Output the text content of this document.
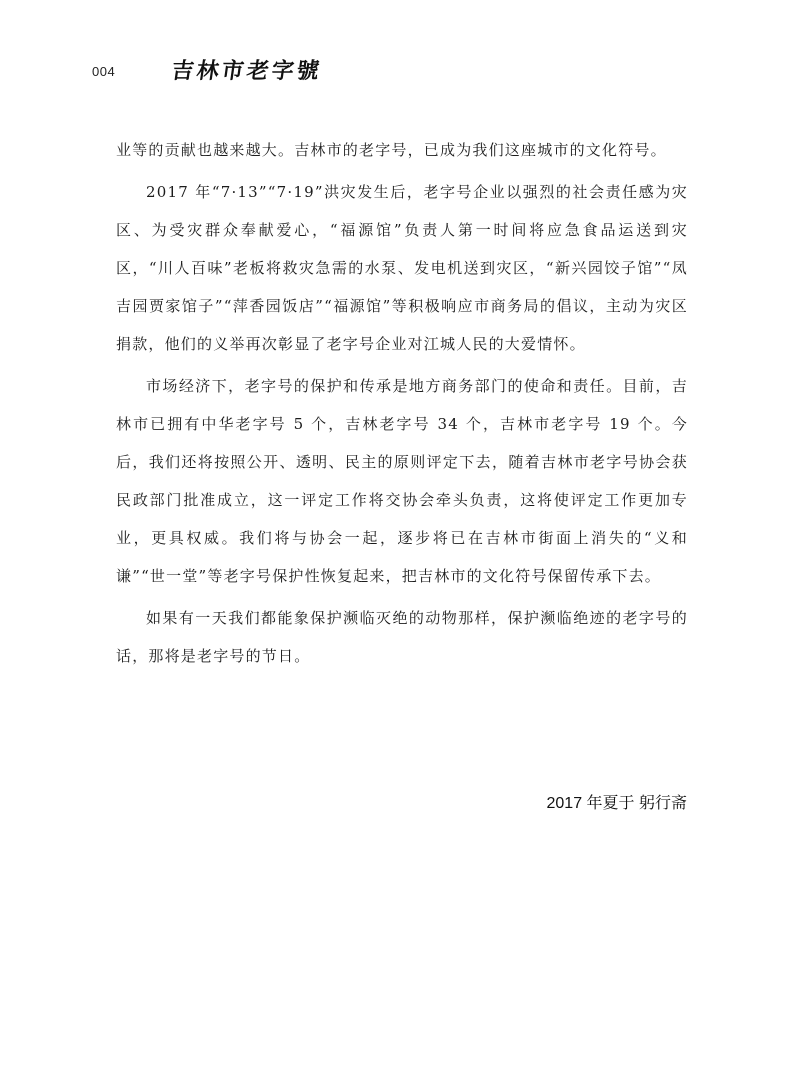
004 吉林市老字號

业等的贡献也越来越大。吉林市的老字号，已成为我们这座城市的文化符号。

2017 年“7·13”“7·19”洪灾发生后，老字号企业以强烈的社会责任感为灾区、为受灾群众奉献爱心，“福源馆”负责人第一时间将应急食品运送到灾区，“川人百味”老板将救灾急需的水泵、发电机送到灾区，“新兴园饺子馆”“凤吉园贾家馆子”“萍香园饭店”“福源馆”等积极响应市商务局的倡议，主动为灾区捐款，他们的义举再次彰显了老字号企业对江城人民的大爱情怀。

市场经济下，老字号的保护和传承是地方商务部门的使命和责任。目前，吉林市已拥有中华老字号 5 个，吉林老字号 34 个，吉林市老字号 19 个。今后，我们还将按照公开、透明、民主的原则评定下去，随着吉林市老字号协会获民政部门批准成立，这一评定工作将交协会牵头负责，这将使评定工作更加专业，更具权威。我们将与协会一起，逐步将已在吉林市街面上消失的“义和谦”“世一堂”等老字号保护性恢复起来，把吉林市的文化符号保留传承下去。

如果有一天我们都能象保护濒临灭绝的动物那样，保护濒临绝迹的老字号的话，那将是老字号的节日。

2017 年夏于 躬行斋
